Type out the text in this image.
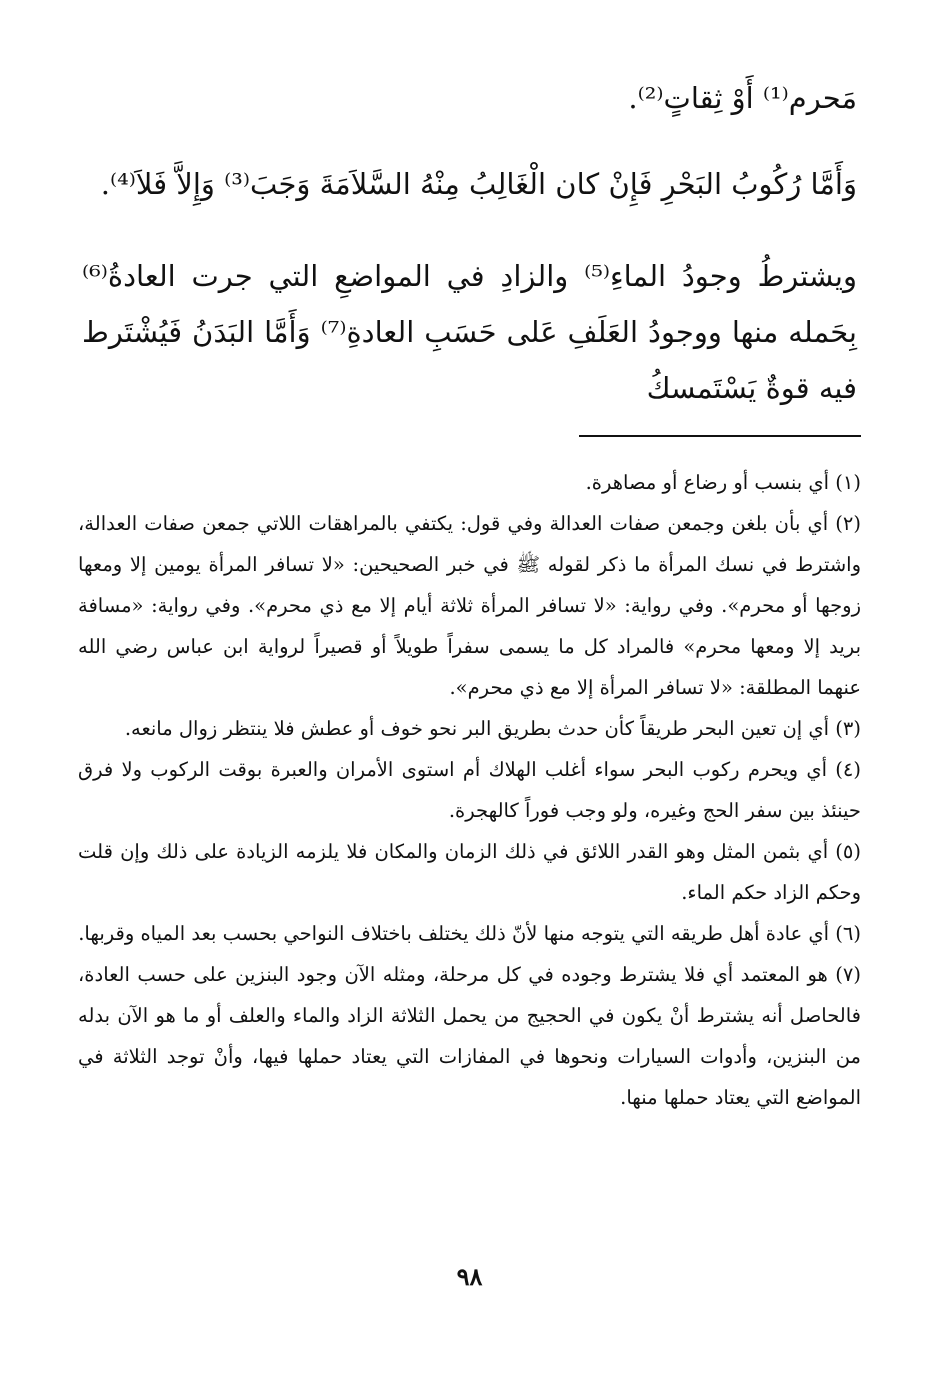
مَحرم⁽¹⁾ أَوْ ثِقاتٍ⁽²⁾.

وَأَمَّا رُكُوبُ البَحْرِ فَإِنْ كان الْغَالِبُ مِنْهُ السَّلاَمَةَ وَجَبَ⁽³⁾ وَإِلاَّ فَلاَ⁽⁴⁾.

ويشترطُ وجودُ الماءِ⁽⁵⁾ والزادِ في المواضعِ التي جرت العادةُ⁽⁶⁾ بِحَمله منها ووجودُ العَلَفِ عَلى حَسَبِ العادةِ⁽⁷⁾ وَأَمَّا البَدَنُ فَيُشْتَرط فيه قوةٌ يَسْتَمسكُ

(١) أي بنسب أو رضاع أو مصاهرة.

(٢) أي بأن بلغن وجمعن صفات العدالة وفي قول: يكتفي بالمراهقات اللاتي جمعن صفات العدالة، واشترط في نسك المرأة ما ذكر لقوله ﷺ في خبر الصحيحين: «لا تسافر المرأة يومين إلا ومعها زوجها أو محرم». وفي رواية: «لا تسافر المرأة ثلاثة أيام إلا مع ذي محرم». وفي رواية: «مسافة بريد إلا ومعها محرم» فالمراد كل ما يسمى سفراً طويلاً أو قصيراً لرواية ابن عباس رضي الله عنهما المطلقة: «لا تسافر المرأة إلا مع ذي محرم».

(٣) أي إن تعين البحر طريقاً كأن حدث بطريق البر نحو خوف أو عطش فلا ينتظر زوال مانعه.

(٤) أي ويحرم ركوب البحر سواء أغلب الهلاك أم استوى الأمران والعبرة بوقت الركوب ولا فرق حينئذ بين سفر الحج وغيره، ولو وجب فوراً كالهجرة.

(٥) أي بثمن المثل وهو القدر اللائق في ذلك الزمان والمكان فلا يلزمه الزيادة على ذلك وإن قلت وحكم الزاد حكم الماء.

(٦) أي عادة أهل طريقه التي يتوجه منها لأنّ ذلك يختلف باختلاف النواحي بحسب بعد المياه وقربها.

(٧) هو المعتمد أي فلا يشترط وجوده في كل مرحلة، ومثله الآن وجود البنزين على حسب العادة، فالحاصل أنه يشترط أنْ يكون في الحجيج من يحمل الثلاثة الزاد والماء والعلف أو ما هو الآن بدله من البنزين، وأدوات السيارات ونحوها في المفازات التي يعتاد حملها فيها، وأنْ توجد الثلاثة في المواضع التي يعتاد حملها منها.

٩٨
